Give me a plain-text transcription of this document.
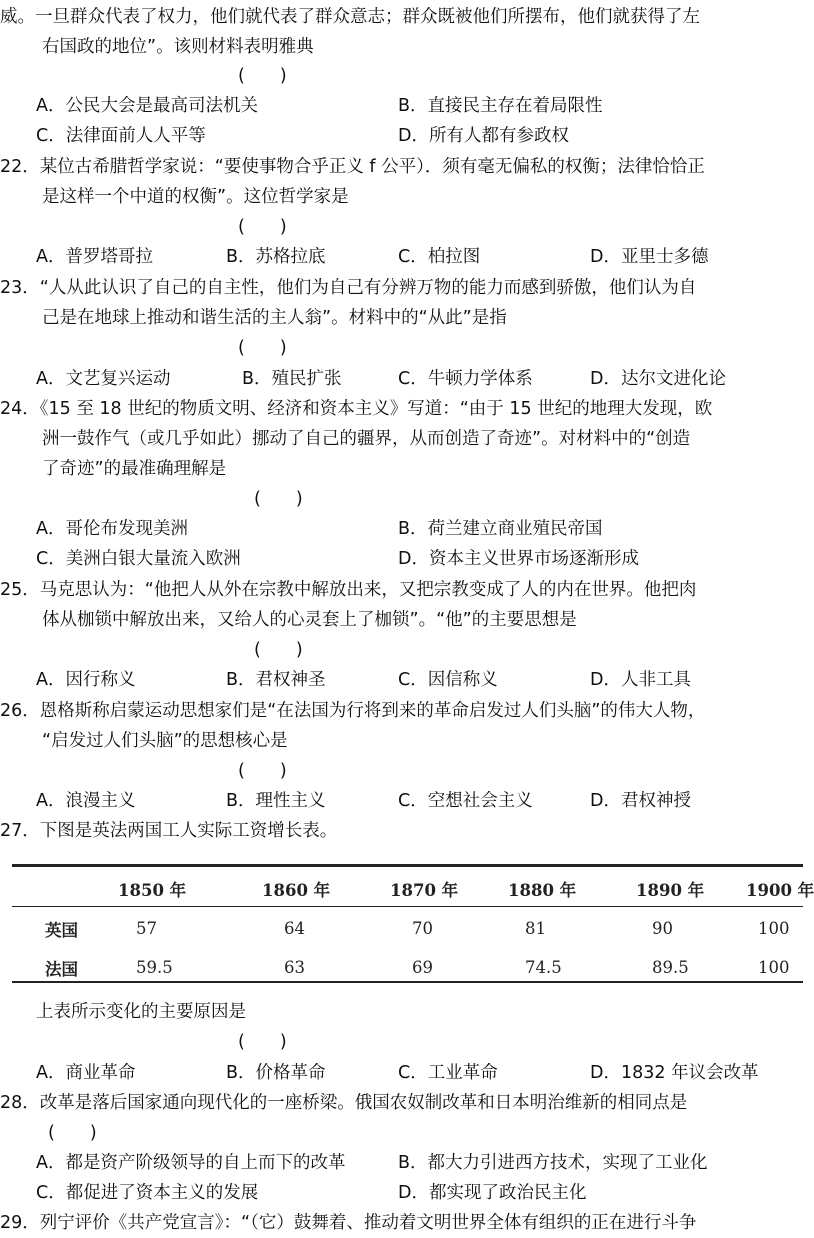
威。一旦群众代表了权力，他们就代表了群众意志；群众既被他们所摆布，他们就获得了左
右国政的地位”。该则材料表明雅典
(　　)
A．公民大会是最高司法机关	B．直接民主存在着局限性
C．法律面前人人平等	D．所有人都有参政权
22．某位古希腊哲学家说：“要使事物合乎正义 f 公平）．须有毫无偏私的权衡；法律恰恰正
是这样一个中道的权衡”。这位哲学家是
(　　)
A．普罗塔哥拉	B．苏格拉底	C．柏拉图	D．亚里士多德
23．“人从此认识了自己的自主性，他们为自己有分辨万物的能力而感到骄傲，他们认为自
己是在地球上推动和谐生活的主人翁”。材料中的“从此”是指
(　　)
A．文艺复兴运动	B．殖民扩张	C．牛顿力学体系	D．达尔文进化论
24．《15 至 18 世纪的物质文明、经济和资本主义》写道：“由于 15 世纪的地理大发现，欧
洲一鼓作气（或几乎如此）挪动了自己的疆界，从而创造了奇迹”。对材料中的“创造
了奇迹”的最准确理解是
(　　)
A．哥伦布发现美洲	B．荷兰建立商业殖民帝国
C．美洲白银大量流入欧洲	D．资本主义世界市场逐渐形成
25．马克思认为：“他把人从外在宗教中解放出来，又把宗教变成了人的内在世界。他把肉
体从枷锁中解放出来，又给人的心灵套上了枷锁”。“他”的主要思想是
(　　)
A．因行称义	B．君权神圣	C．因信称义	D．人非工具
26．恩格斯称启蒙运动思想家们是“在法国为行将到来的革命启发过人们头脑”的伟大人物，
“启发过人们头脑”的思想核心是
(　　)
A．浪漫主义	B．理性主义	C．空想社会主义	D．君权神授
27．下图是英法两国工人实际工资增长表。
1850 年	1860 年	1870 年	1880 年	1890 年	1900 年
英国	57	64	70	81	90	100
法国	59.5	63	69	74.5	89.5	100
上表所示变化的主要原因是
(　　)
A．商业革命	B．价格革命	C．工业革命	D．1832 年议会改革
28．改革是落后国家通向现代化的一座桥梁。俄国农奴制改革和日本明治维新的相同点是
(　　)
A．都是资产阶级领导的自上而下的改革	B．都大力引进西方技术，实现了工业化
C．都促进了资本主义的发展	D．都实现了政治民主化
29．列宁评价《共产党宣言》：“（它）鼓舞着、推动着文明世界全体有组织的正在进行斗争
